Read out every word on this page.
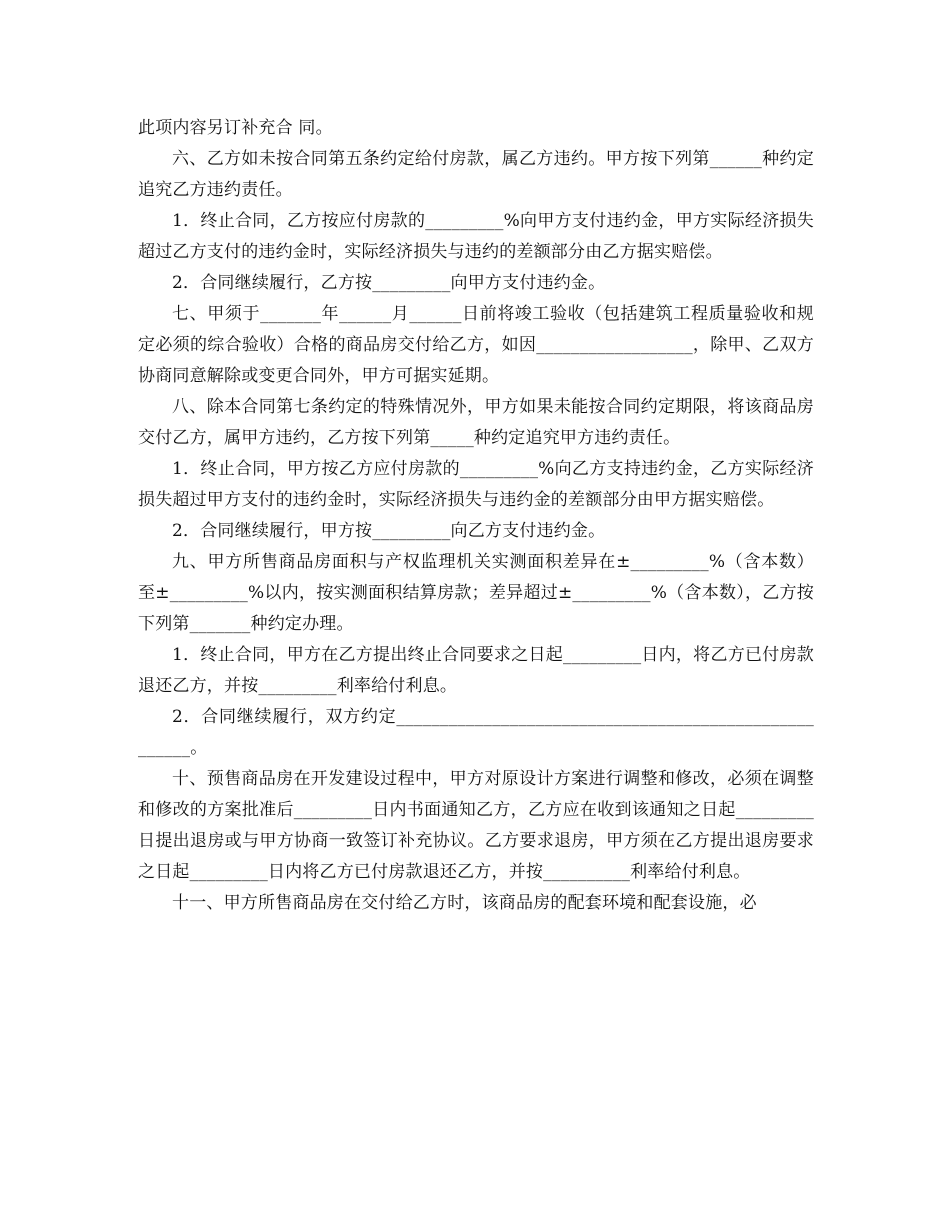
此项内容另订补充合 同。

六、乙方如未按合同第五条约定给付房款，属乙方违约。甲方按下列第______种约定追究乙方违约责任。

1．终止合同，乙方按应付房款的_________%向甲方支付违约金，甲方实际经济损失超过乙方支付的违约金时，实际经济损失与违约的差额部分由乙方据实赔偿。

2．合同继续履行，乙方按_________向甲方支付违约金。

七、甲须于_______年______月______日前将竣工验收（包括建筑工程质量验收和规定必须的综合验收）合格的商品房交付给乙方，如因__________________，除甲、乙双方协商同意解除或变更合同外，甲方可据实延期。

八、除本合同第七条约定的特殊情况外，甲方如果未能按合同约定期限，将该商品房交付乙方，属甲方违约，乙方按下列第_____种约定追究甲方违约责任。

1．终止合同，甲方按乙方应付房款的_________%向乙方支持违约金，乙方实际经济损失超过甲方支付的违约金时，实际经济损失与违约金的差额部分由甲方据实赔偿。

2．合同继续履行，甲方按_________向乙方支付违约金。

九、甲方所售商品房面积与产权监理机关实测面积差异在±_________%（含本数）至±_________%以内，按实测面积结算房款；差异超过±_________%（含本数），乙方按下列第_______种约定办理。

1．终止合同，甲方在乙方提出终止合同要求之日起_________日内，将乙方已付房款退还乙方，并按_________利率给付利息。

2．合同继续履行，双方约定______________________________________________________。

十、预售商品房在开发建设过程中，甲方对原设计方案进行调整和修改，必须在调整和修改的方案批准后_________日内书面通知乙方，乙方应在收到该通知之日起_________日提出退房或与甲方协商一致签订补充协议。乙方要求退房，甲方须在乙方提出退房要求之日起_________日内将乙方已付房款退还乙方，并按__________利率给付利息。

十一、甲方所售商品房在交付给乙方时，该商品房的配套环境和配套设施，必
